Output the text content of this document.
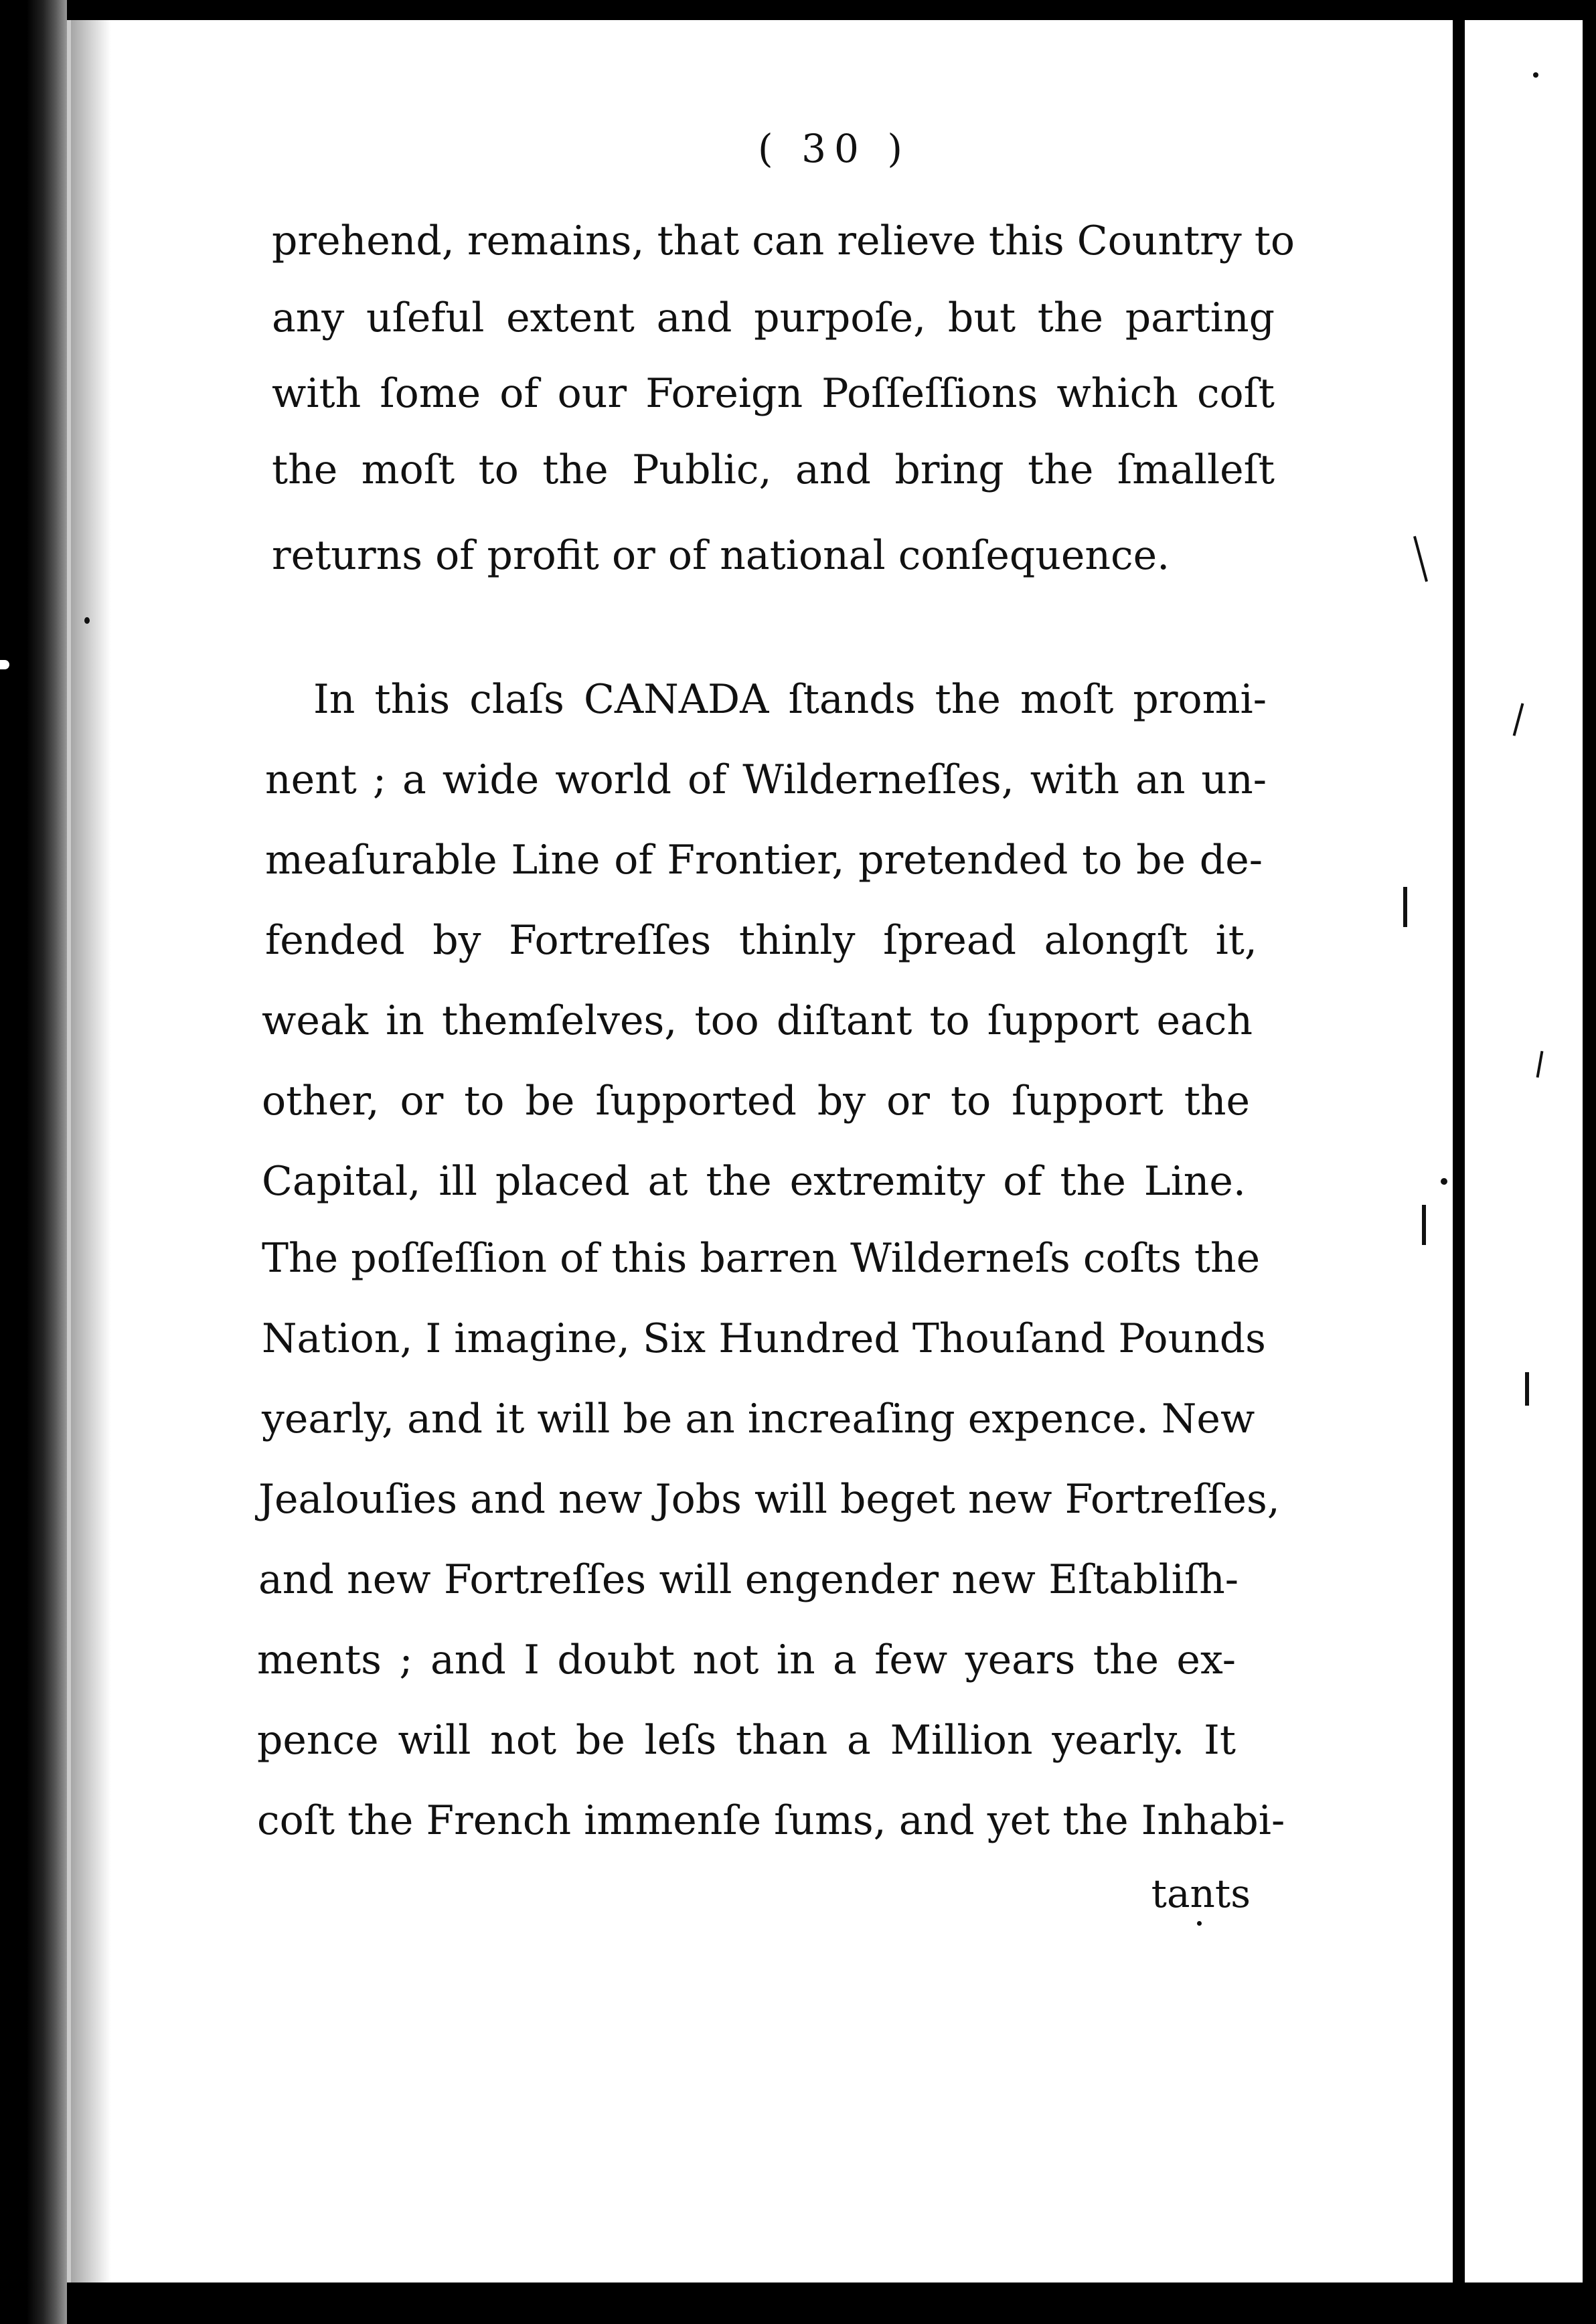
( 30 )
prehend, remains, that can relieve this Country to
any uſeful extent and purpoſe, but the parting
with ſome of our Foreign Poſſeſſions which coſt
the moſt to the Public, and bring the ſmalleſt
returns of profit or of national conſequence.
In this claſs CANADA ſtands the moſt promi-
nent ; a wide world of Wilderneſſes, with an un-
meaſurable Line of Frontier, pretended to be de-
fended by Fortreſſes thinly ſpread alongſt it,
weak in themſelves, too diſtant to ſupport each
other, or to be ſupported by or to ſupport the
Capital, ill placed at the extremity of the Line.
The poſſeſſion of this barren Wilderneſs coſts the
Nation, I imagine, Six Hundred Thouſand Pounds
yearly, and it will be an increaſing expence. New
Jealouſies and new Jobs will beget new Fortreſſes,
and new Fortreſſes will engender new Eſtabliſh-
ments ; and I doubt not in a few years the ex-
pence will not be leſs than a Million yearly. It
coſt the French immenſe ſums, and yet the Inhabi-
tants
